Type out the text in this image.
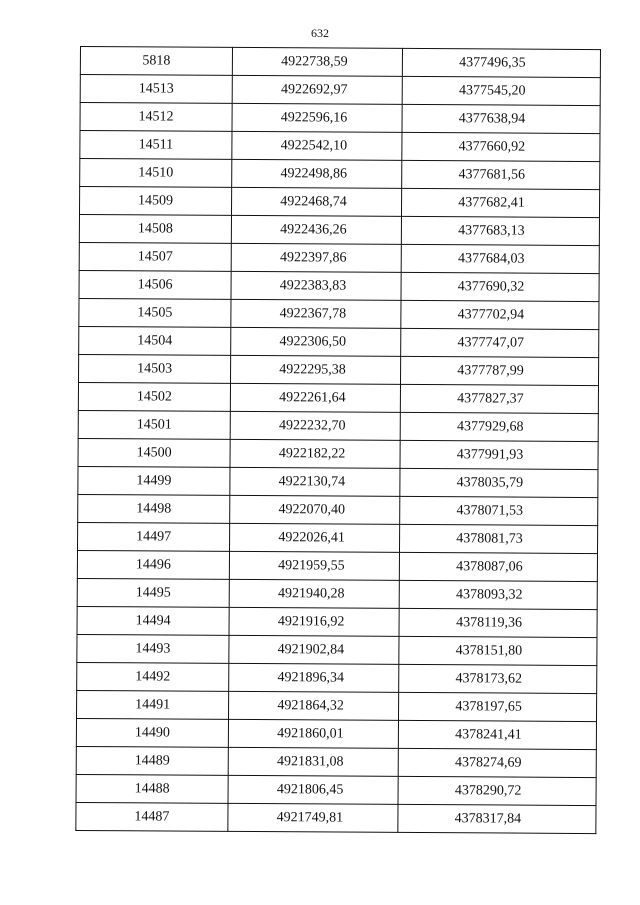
632
5818	4922738,59	4377496,35
14513	4922692,97	4377545,20
14512	4922596,16	4377638,94
14511	4922542,10	4377660,92
14510	4922498,86	4377681,56
14509	4922468,74	4377682,41
14508	4922436,26	4377683,13
14507	4922397,86	4377684,03
14506	4922383,83	4377690,32
14505	4922367,78	4377702,94
14504	4922306,50	4377747,07
14503	4922295,38	4377787,99
14502	4922261,64	4377827,37
14501	4922232,70	4377929,68
14500	4922182,22	4377991,93
14499	4922130,74	4378035,79
14498	4922070,40	4378071,53
14497	4922026,41	4378081,73
14496	4921959,55	4378087,06
14495	4921940,28	4378093,32
14494	4921916,92	4378119,36
14493	4921902,84	4378151,80
14492	4921896,34	4378173,62
14491	4921864,32	4378197,65
14490	4921860,01	4378241,41
14489	4921831,08	4378274,69
14488	4921806,45	4378290,72
14487	4921749,81	4378317,84
